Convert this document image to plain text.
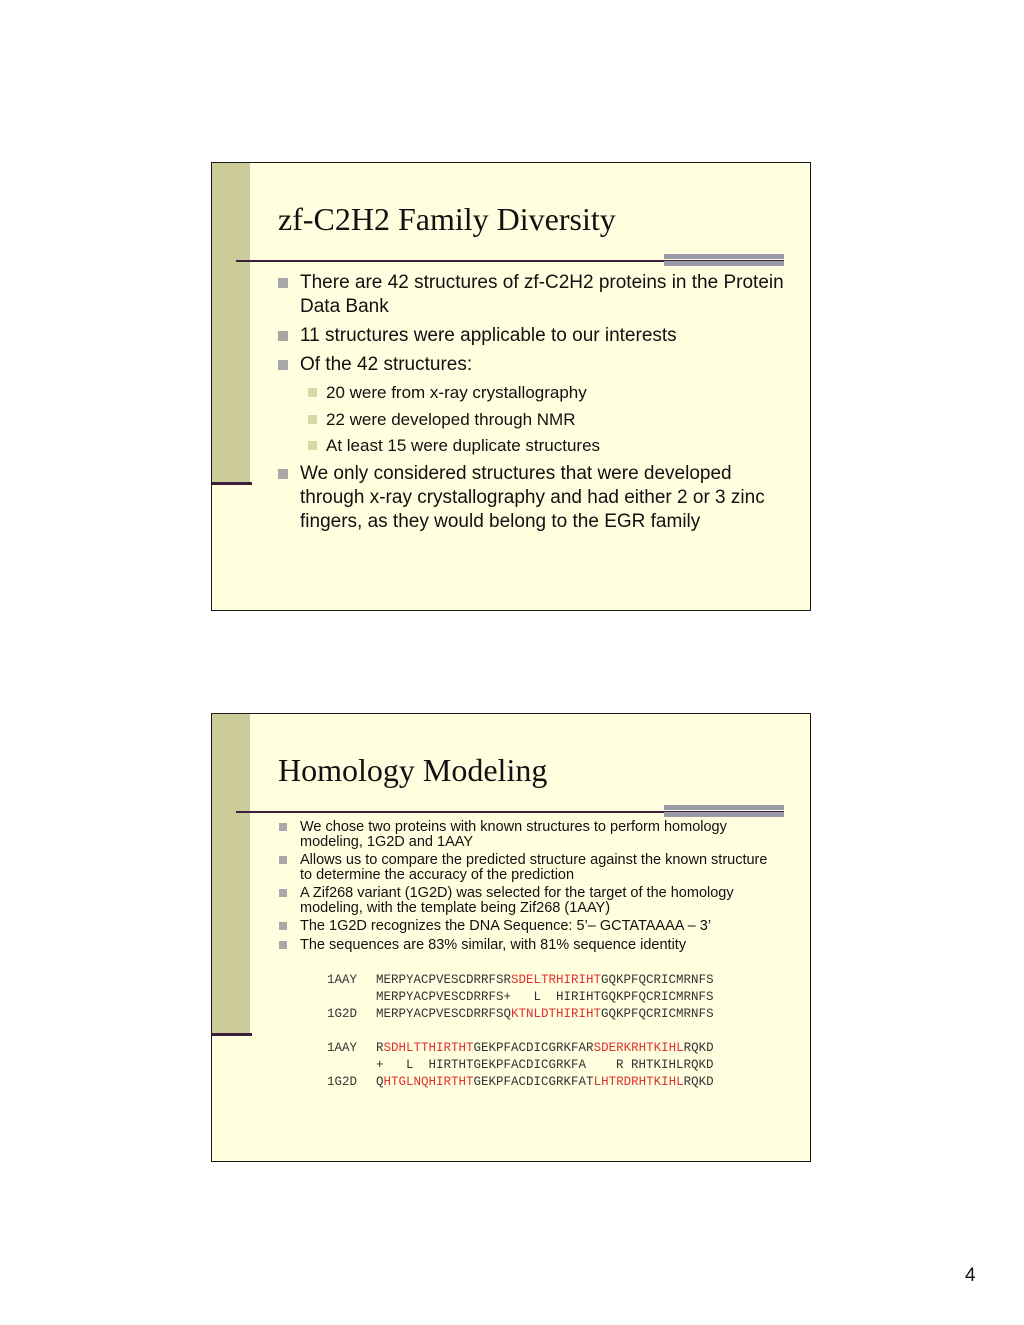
zf-C2H2 Family Diversity
There are 42 structures of zf-C2H2 proteins in the Protein Data Bank
11 structures were applicable to our interests
Of the 42 structures:
20 were from x-ray crystallography
22 were developed through NMR
At least 15 were duplicate structures
We only considered structures that were developed through x-ray crystallography and had either 2 or 3 zinc fingers, as they would belong to the EGR family
Homology Modeling
We chose two proteins with known structures to perform homology modeling, 1G2D and 1AAY
Allows us to compare the predicted structure against the known structure to determine the accuracy of the prediction
A Zif268 variant (1G2D) was selected for the target of the homology modeling, with the template being Zif268 (1AAY)
The 1G2D recognizes the DNA Sequence: 5’– GCTATAAAA – 3’
The sequences are 83% similar, with 81% sequence identity
1AAY MERPYACPVESCDRRFSRSDELTRHIRIHTGQKPFQCRICMRNFS
MERPYACPVESCDRRFS+   L  HIRIHTGQKPFQCRICMRNFS
1G2D MERPYACPVESCDRRFSQKTNLDTHIRIHTGQKPFQCRICMRNFS
1AAY RSDHLTTHIRTHTGEKPFACDICGRKFARSDERKRHTKIHLRQKD
+   L  HIRTHTGEKPFACDICGRKFA    R RHTKIHLRQKD
1G2D QHTGLNQHIRTHTGEKPFACDICGRKFATLHTRDRHTKIHLRQKD
4
